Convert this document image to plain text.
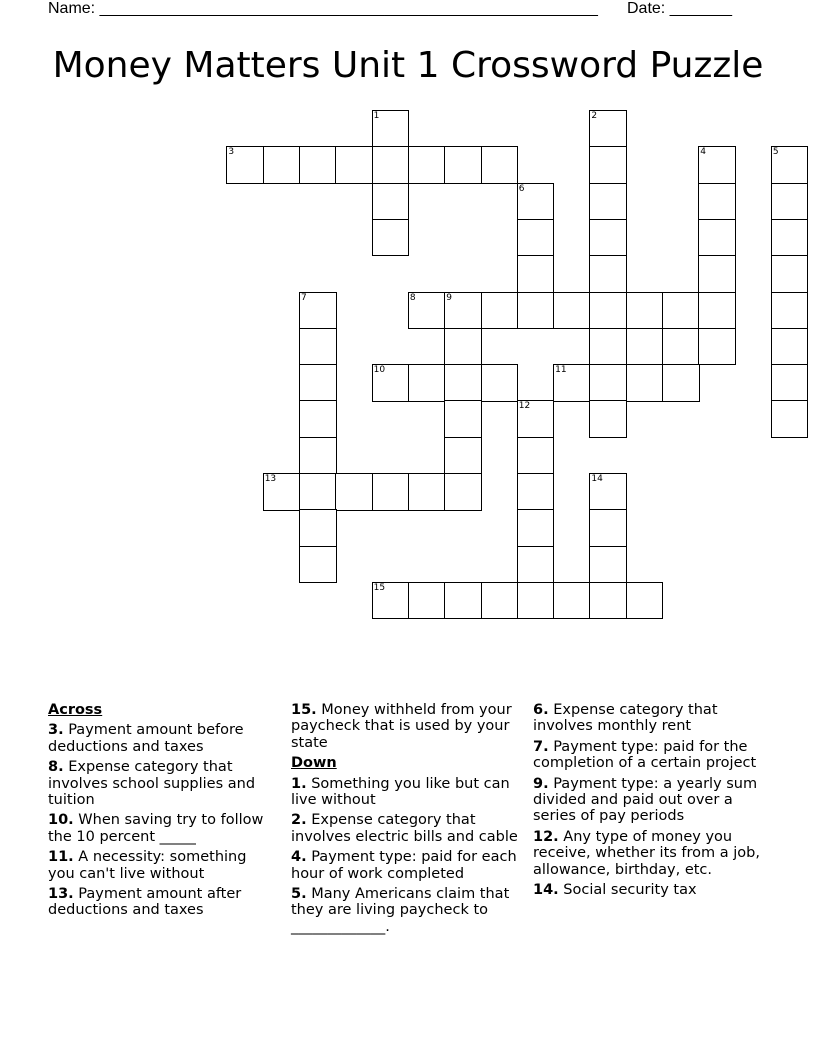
Name: ________________________________________________________ Date: _______
Money Matters Unit 1 Crossword Puzzle
1	2
3	4	5
6
7	8	9
10	11
12
13	14
15
Across
3. Payment amount before deductions and taxes
8. Expense category that involves school supplies and tuition
10. When saving try to follow the 10 percent _____
11. A necessity: something you can't live without
13. Payment amount after deductions and taxes
15. Money withheld from your paycheck that is used by your state
Down
1. Something you like but can live without
2. Expense category that involves electric bills and cable
4. Payment type: paid for each hour of work completed
5. Many Americans claim that they are living paycheck to _____________.
6. Expense category that involves monthly rent
7. Payment type: paid for the completion of a certain project
9. Payment type: a yearly sum divided and paid out over a series of pay periods
12. Any type of money you receive, whether its from a job, allowance, birthday, etc.
14. Social security tax
